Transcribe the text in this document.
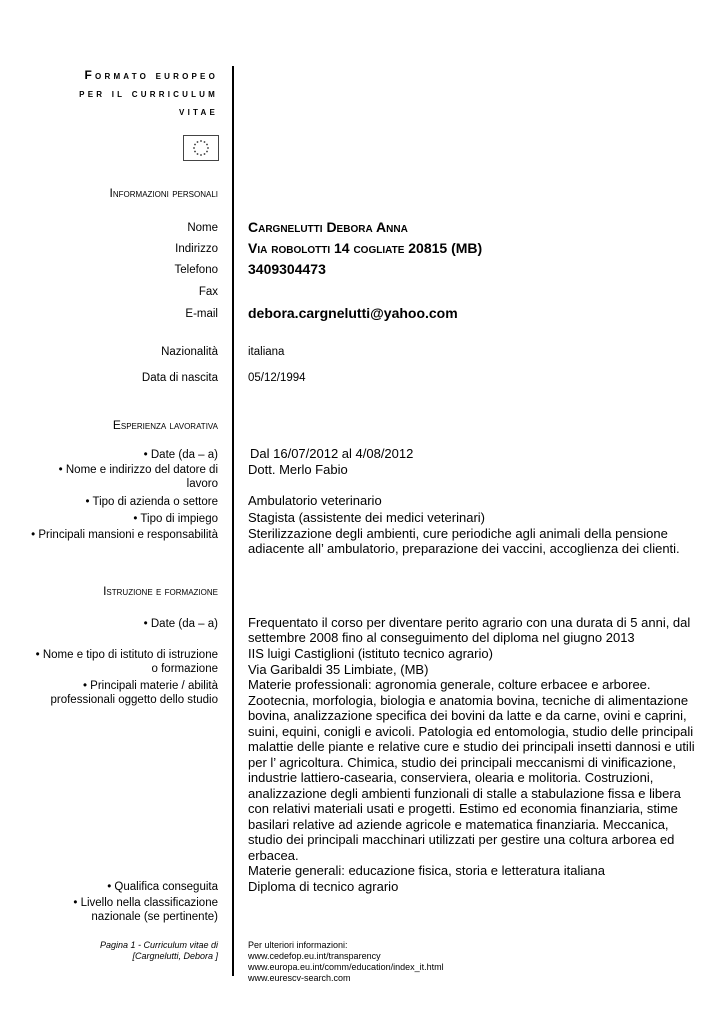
Formato europeo
per il curriculum
vitae
Informazioni personali
Nome Cargnelutti Debora Anna
Indirizzo Via robolotti 14 cogliate 20815 (MB)
Telefono 3409304473
Fax
E-mail debora.cargnelutti@yahoo.com
Nazionalità	italiana
Data di nascita	05/12/1994
Esperienza lavorativa
• Date (da – a) Dal 16/07/2012 al 4/08/2012
• Nome e indirizzo del datore di
lavoro
Dott. Merlo Fabio
• Tipo di azienda o settore Ambulatorio veterinario
• Tipo di impiego Stagista (assistente dei medici veterinari)
• Principali mansioni e responsabilità Sterilizzazione degli ambienti, cure periodiche agli animali della pensione
adiacente all’ ambulatorio, preparazione dei vaccini, accoglienza dei clienti.
Istruzione e formazione
• Date (da – a) Frequentato il corso per diventare perito agrario con una durata di 5 anni, dal
settembre 2008 fino al conseguimento del diploma nel giugno 2013
• Nome e tipo di istituto di istruzione
o formazione
IIS luigi Castiglioni (istituto tecnico agrario)
Via Garibaldi 35 Limbiate, (MB)
• Principali materie / abilità
professionali oggetto dello studio
Materie professionali: agronomia generale, colture erbacee e arboree.
Zootecnia, morfologia, biologia e anatomia bovina, tecniche di alimentazione
bovina, analizzazione specifica dei bovini da latte e da carne, ovini e caprini,
suini, equini, conigli e avicoli. Patologia ed entomologia, studio delle principali
malattie delle piante e relative cure e studio dei principali insetti dannosi e utili
per l’ agricoltura. Chimica, studio dei principali meccanismi di vinificazione,
industrie lattiero-casearia, conserviera, olearia e molitoria. Costruzioni,
analizzazione degli ambienti funzionali di stalle a stabulazione fissa e libera
con relativi materiali usati e progetti. Estimo ed economia finanziaria, stime
basilari relative ad aziende agricole e matematica finanziaria. Meccanica,
studio dei principali macchinari utilizzati per gestire una coltura arborea ed
erbacea.
Materie generali: educazione fisica, storia e letteratura italiana
• Qualifica conseguita Diploma di tecnico agrario
• Livello nella classificazione
nazionale (se pertinente)
Pagina 1 - Curriculum vitae di
[Cargnelutti, Debora ]
Per ulteriori informazioni:
www.cedefop.eu.int/transparency
www.europa.eu.int/comm/education/index_it.html
www.eurescv-search.com
